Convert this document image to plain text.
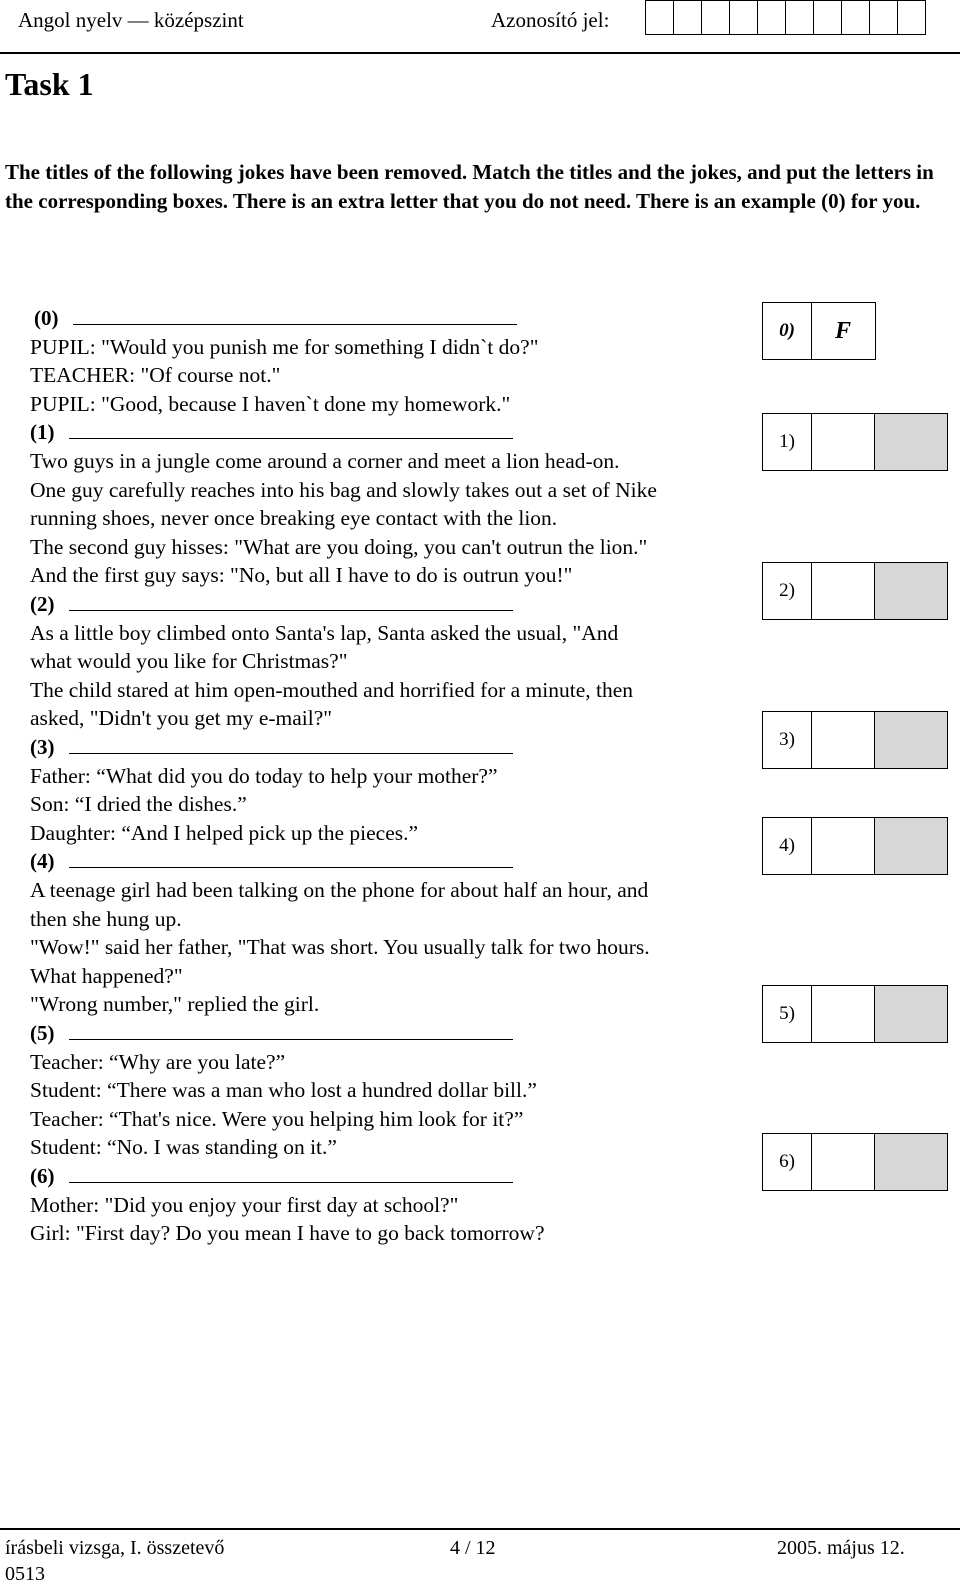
Angol nyelv — középszint	Azonosító jel:
Task 1
The titles of the following jokes have been removed. Match the titles and the jokes, and put the letters in the corresponding boxes. There is an extra letter that you do not need. There is an example (0) for you.
(0)
PUPIL: "Would you punish me for something I didn`t do?"
TEACHER: "Of course not."
PUPIL: "Good, because I haven`t done my homework."
(1)
Two guys in a jungle come around a corner and meet a lion head-on.
One guy carefully reaches into his bag and slowly takes out a set of Nike
running shoes, never once breaking eye contact with the lion.
The second guy hisses: "What are you doing, you can't outrun the lion."
And the first guy says: "No, but all I have to do is outrun you!"
(2)
As a little boy climbed onto Santa's lap, Santa asked the usual, "And
what would you like for Christmas?"
The child stared at him open-mouthed and horrified for a minute, then
asked, "Didn't you get my e-mail?"
(3)
Father: “What did you do today to help your mother?”
Son: “I dried the dishes.”
Daughter: “And I helped pick up the pieces.”
(4)
A teenage girl had been talking on the phone for about half an hour, and
then she hung up.
"Wow!" said her father, "That was short. You usually talk for two hours.
What happened?"
"Wrong number," replied the girl.
(5)
Teacher: “Why are you late?”
Student: “There was a man who lost a hundred dollar bill.”
Teacher: “That's nice. Were you helping him look for it?”
Student: “No. I was standing on it.”
(6)
Mother: "Did you enjoy your first day at school?"
Girl: "First day? Do you mean I have to go back tomorrow?
0)	F
1)
2)
3)
4)
5)
6)
írásbeli vizsga, I. összetevő	4 / 12	2005. május 12.
0513
